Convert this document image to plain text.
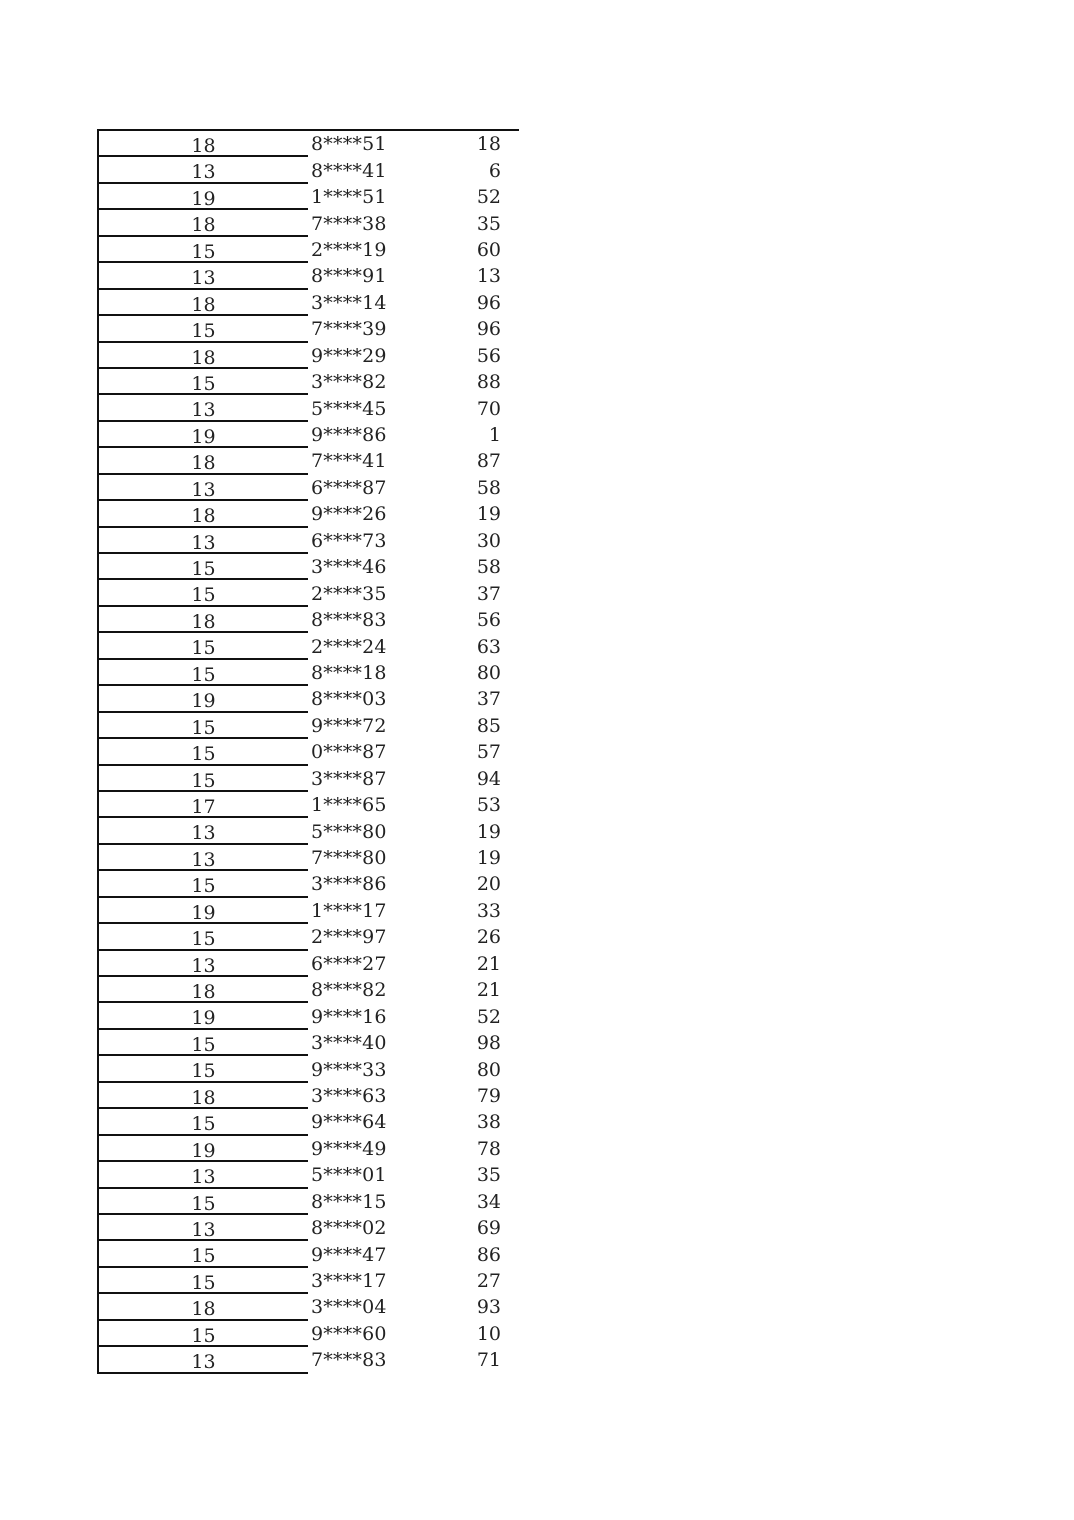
18	8****51	18
13	8****41	6
19	1****51	52
18	7****38	35
15	2****19	60
13	8****91	13
18	3****14	96
15	7****39	96
18	9****29	56
15	3****82	88
13	5****45	70
19	9****86	1
18	7****41	87
13	6****87	58
18	9****26	19
13	6****73	30
15	3****46	58
15	2****35	37
18	8****83	56
15	2****24	63
15	8****18	80
19	8****03	37
15	9****72	85
15	0****87	57
15	3****87	94
17	1****65	53
13	5****80	19
13	7****80	19
15	3****86	20
19	1****17	33
15	2****97	26
13	6****27	21
18	8****82	21
19	9****16	52
15	3****40	98
15	9****33	80
18	3****63	79
15	9****64	38
19	9****49	78
13	5****01	35
15	8****15	34
13	8****02	69
15	9****47	86
15	3****17	27
18	3****04	93
15	9****60	10
13	7****83	71
